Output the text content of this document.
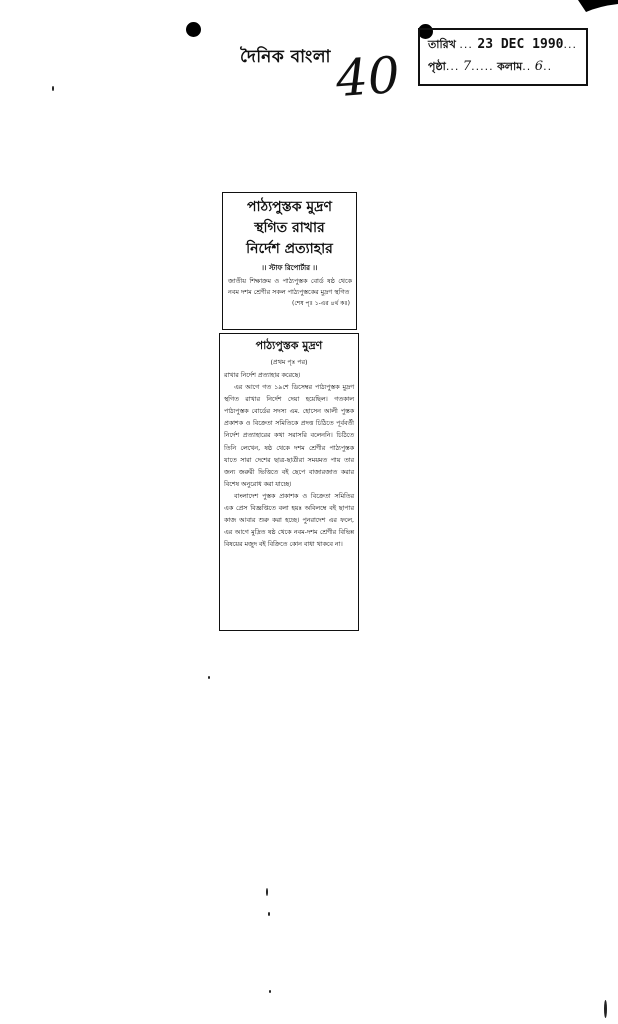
দৈনিক বাংলা 40
তারিখ ... 23 DEC 1990...
পৃষ্ঠা... 7..... কলাম.. 6..
পাঠ্যপুস্তক মুদ্রণ
স্থগিত রাখার
নির্দেশ প্রত্যাহার
।। স্টাফ রিপোর্টার ।।
জাতীয় শিক্ষাক্রম ও পাঠ্যপুস্তক বোর্ড ষষ্ঠ থেকে নবম দশম শ্রেণীর সকল পাঠ্যপুস্তকের মুদ্রণ স্থগিত
(শেষ পৃঃ ১-এর ৪র্থ কঃ)
পাঠ্যপুস্তক মুদ্রণ
(প্রথম পৃঃ পর)

রাখার নির্দেশ প্রত্যাহার করেছে।

এর আগে গত ১৯শে ডিসেম্বর পাঠ্যপুস্তক মুদ্রণ স্থগিত রাখার নির্দেশ দেয়া হয়েছিল। গতকাল পাঠ্যপুস্তক বোর্ডের সদস্য এম. হোসেন আলী পুস্তক প্রকাশক ও বিক্রেতা সমিতিকে প্রদত্ত চিঠিতে পূর্ববর্তী নির্দেশ প্রত্যাহারের কথা সরাসরি বলেননি। চিঠিতে তিনি লেখেন, ষষ্ঠ থেকে দশম শ্রেণীর পাঠ্যপুস্তক যাতে সারা দেশের ছাত্র-ছাত্রীরা সময়মত পায় তার জন্য জরুরী ভিত্তিতে বই ছেপে বাজারজাত করার বিশেষ অনুরোধ করা যাচ্ছে।

বাংলাদেশ পুস্তক প্রকাশক ও বিক্রেতা সমিতির এক প্রেস বিজ্ঞপ্তিতে বলা হয়ঃ অবিলম্বে বই ছাপার কাজ আবার শুরু করা হচ্ছে। পুনরাদেশ এর ফলে, এর আগে মুদ্রিত ষষ্ঠ থেকে নবম-দশম শ্রেণীর বিভিন্ন বিষয়ের মজুদ বই বিক্রিতে কোন বাধা থাকবে না।
